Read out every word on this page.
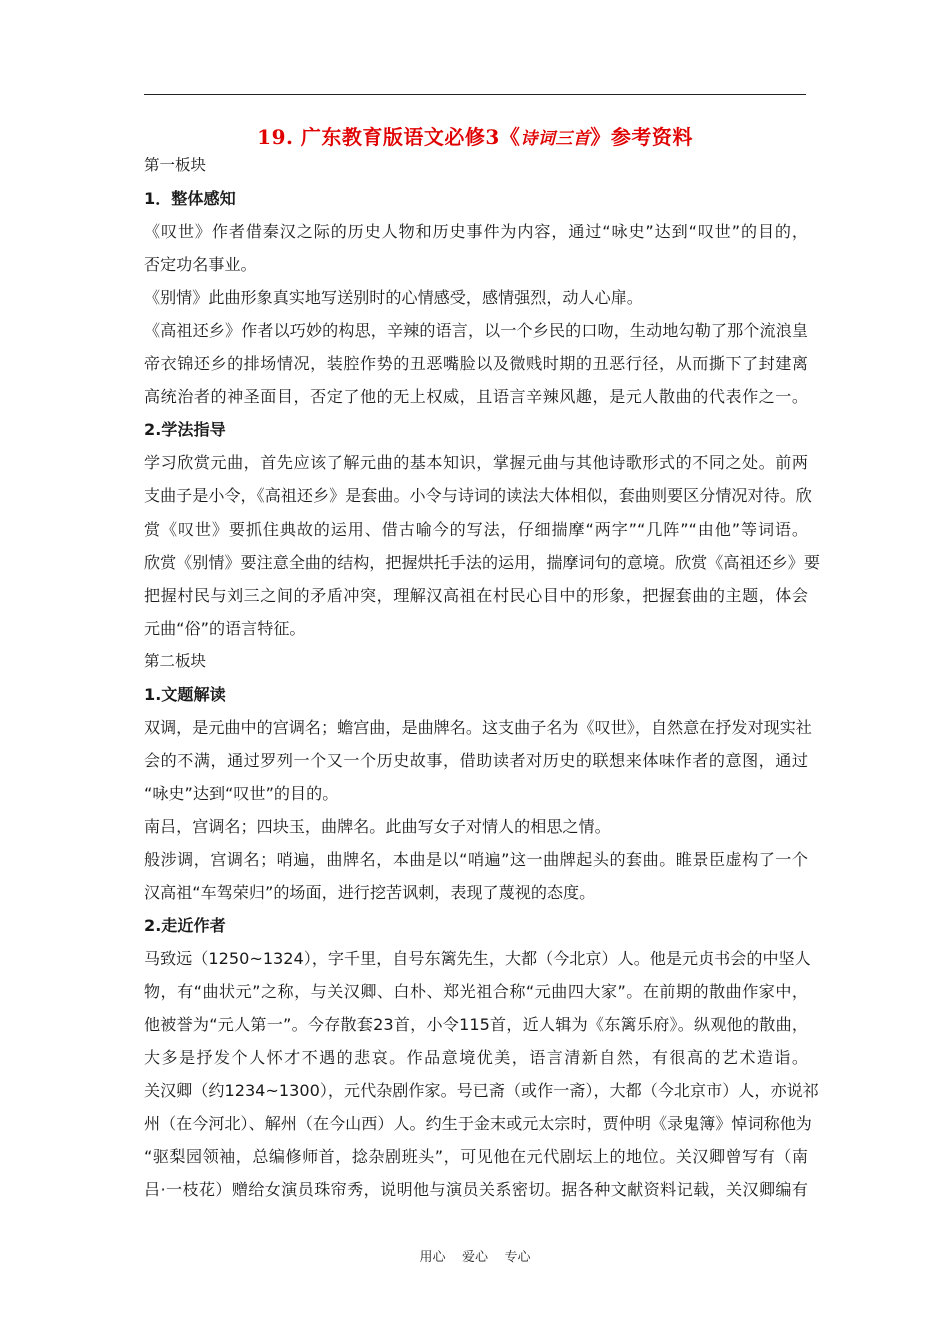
19. 广东教育版语文必修3《诗词三首》参考资料
第一板块
1．整体感知
《叹世》作者借秦汉之际的历史人物和历史事件为内容，通过“咏史”达到“叹世”的目的，
否定功名事业。
《别情》此曲形象真实地写送别时的心情感受，感情强烈，动人心扉。
《高祖还乡》作者以巧妙的构思，辛辣的语言，以一个乡民的口吻，生动地勾勒了那个流浪皇
帝衣锦还乡的排场情况，装腔作势的丑恶嘴脸以及微贱时期的丑恶行径，从而撕下了封建离
高统治者的神圣面目，否定了他的无上权威，且语言辛辣风趣，是元人散曲的代表作之一。
2.学法指导
学习欣赏元曲，首先应该了解元曲的基本知识，掌握元曲与其他诗歌形式的不同之处。前两
支曲子是小令，《高祖还乡》是套曲。小令与诗词的读法大体相似，套曲则要区分情况对待。欣
赏《叹世》要抓住典故的运用、借古喻今的写法，仔细揣摩“两字”“几阵”“由他”等词语。
欣赏《别情》要注意全曲的结构，把握烘托手法的运用，揣摩词句的意境。欣赏《高祖还乡》要
把握村民与刘三之间的矛盾冲突，理解汉高祖在村民心目中的形象，把握套曲的主题，体会
元曲“俗”的语言特征。
第二板块
1.文题解读
双调，是元曲中的宫调名；蟾宫曲，是曲牌名。这支曲子名为《叹世》，自然意在抒发对现实社
会的不满，通过罗列一个又一个历史故事，借助读者对历史的联想来体味作者的意图，通过
“咏史”达到“叹世”的目的。
南吕，宫调名；四块玉，曲牌名。此曲写女子对情人的相思之情。
般涉调，宫调名；哨遍，曲牌名，本曲是以“哨遍”这一曲牌起头的套曲。睢景臣虚构了一个
汉高祖“车驾荣归”的场面，进行挖苦讽刺，表现了蔑视的态度。
2.走近作者
马致远（1250~1324），字千里，自号东篱先生，大都（今北京）人。他是元贞书会的中坚人
物，有“曲状元”之称，与关汉卿、白朴、郑光祖合称“元曲四大家”。在前期的散曲作家中，
他被誉为“元人第一”。今存散套23首，小令115首，近人辑为《东篱乐府》。纵观他的散曲，
大多是抒发个人怀才不遇的悲哀。作品意境优美，语言清新自然，有很高的艺术造诣。
关汉卿（约1234~1300），元代杂剧作家。号已斋（或作一斋），大都（今北京市）人，亦说祁
州（在今河北）、解州（在今山西）人。约生于金末或元太宗时，贾仲明《录鬼簿》悼词称他为
“驱梨园领袖，总编修师首，捻杂剧班头”，可见他在元代剧坛上的地位。关汉卿曾写有（南
吕·一枝花）赠给女演员珠帘秀，说明他与演员关系密切。据各种文献资料记载，关汉卿编有
用心    爱心    专心
